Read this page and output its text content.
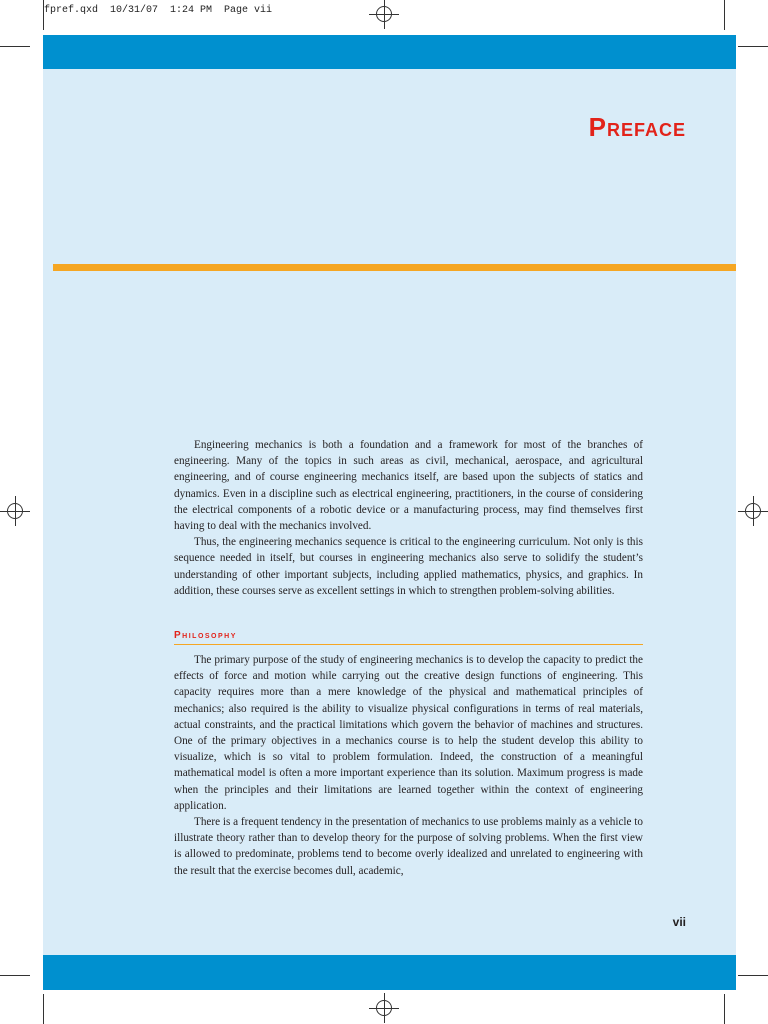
fpref.qxd  10/31/07  1:24 PM  Page vii
Preface
vii

Engineering mechanics is both a foundation and a framework for most of the branches of engineering. Many of the topics in such areas as civil, mechanical, aerospace, and agricultural engineering, and of course engineering mechanics itself, are based upon the subjects of statics and dynamics. Even in a discipline such as electrical engineering, practitioners, in the course of considering the electrical components of a robotic device or a manufacturing process, may find themselves first having to deal with the mechanics involved.

Thus, the engineering mechanics sequence is critical to the engineering curriculum. Not only is this sequence needed in itself, but courses in engineering mechanics also serve to solidify the student’s understanding of other important subjects, including applied mathematics, physics, and graphics. In addition, these courses serve as excellent settings in which to strengthen problem-solving abilities.

Philosophy

The primary purpose of the study of engineering mechanics is to develop the capacity to predict the effects of force and motion while carrying out the creative design functions of engineering. This capacity requires more than a mere knowledge of the physical and mathematical principles of mechanics; also required is the ability to visualize physical configurations in terms of real materials, actual constraints, and the practical limitations which govern the behavior of machines and structures. One of the primary objectives in a mechanics course is to help the student develop this ability to visualize, which is so vital to problem formulation. Indeed, the construction of a meaningful mathematical model is often a more important experience than its solution. Maximum progress is made when the principles and their limitations are learned together within the context of engineering application.

There is a frequent tendency in the presentation of mechanics to use problems mainly as a vehicle to illustrate theory rather than to develop theory for the purpose of solving problems. When the first view is allowed to predominate, problems tend to become overly idealized and unrelated to engineering with the result that the exercise becomes dull, academic,
